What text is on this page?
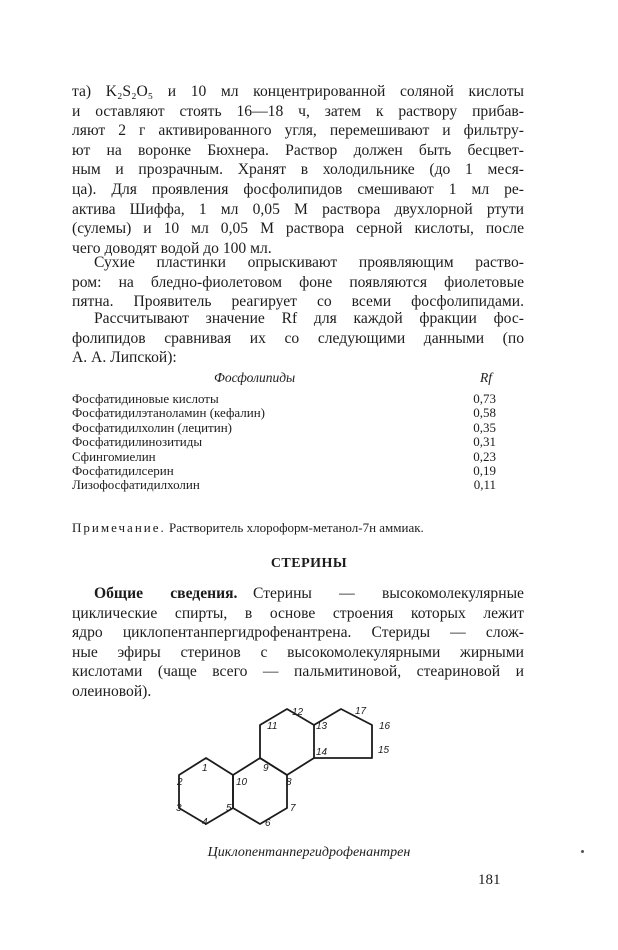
та) K₂S₂O₅ и 10 мл концентрированной соляной кислоты
и оставляют стоять 16—18 ч, затем к раствору прибав-
ляют 2 г активированного угля, перемешивают и фильтру-
ют на воронке Бюхнера. Раствор должен быть бесцвет-
ным и прозрачным. Хранят в холодильнике (до 1 меся-
ца). Для проявления фосфолипидов смешивают 1 мл ре-
актива Шиффа, 1 мл 0,05 М раствора двухлорной ртути
(сулемы) и 10 мл 0,05 М раствора серной кислоты, после
чего доводят водой до 100 мл.
Сухие пластинки опрыскивают проявляющим раство-
ром: на бледно-фиолетовом фоне появляются фиолетовые
пятна. Проявитель реагирует со всеми фосфолипидами.
Рассчитывают значение Rf для каждой фракции фос-
фолипидов сравнивая их со следующими данными (по
А. А. Липской):
Фосфолипиды	Rf
Фосфатидиновые кислоты	0,73
Фосфатидилэтаноламин (кефалин)	0,58
Фосфатидилхолин (лецитин)	0,35
Фосфатидилинозитиды	0,31
Сфингомиелин	0,23
Фосфатидилсерин	0,19
Лизофосфатидилхолин	0,11
Примечание. Растворитель хлороформ-метанол-7н аммиак.
СТЕРИНЫ
Общие сведения.  Стерины — высокомолекулярные
циклические спирты, в основе строения которых лежит
ядро циклопентанпергидрофенантрена. Стериды — слож-
ные эфиры стеринов с высокомолекулярными жирными
кислотами (чаще всего — пальмитиновой, стеариновой и
олеиновой).
1
2
3
4
5
6
7
8
9
10
11
12
13
14	15
16
17
Циклопентанпергидрофенантрен
181
